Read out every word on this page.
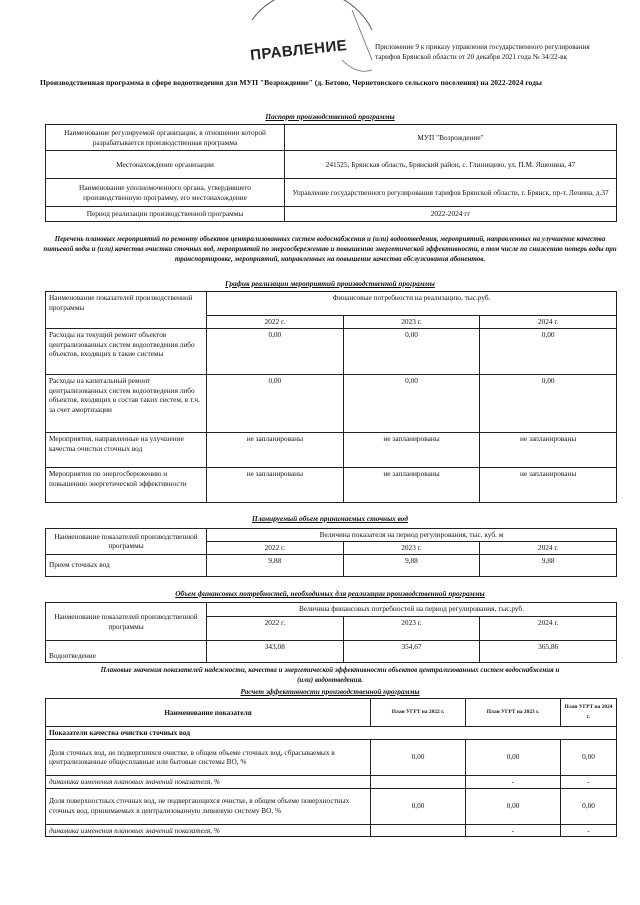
ПРАВЛЕНИЕ	Приложение 9 к приказу управления государственного регулирования тарифов Брянской области от 20 декабря 2021 года № 34/22-вк
Производственная программа в сфере водоотведения для МУП "Возрождение" (д. Бетово, Чернетовского сельского поселения) на 2022-2024 годы
Паспорт производственной программы
Наименование регулируемой организации, в отношении которой разрабатывается производственная программа	МУП "Возрождение"
Местонахождение организации	241525, Брянская область, Брянский район, с. Глинищево, ул. П.М. Яшенина, 47
Наименование уполномоченного органа, утвердившего производственную программу, его местонахождение	Управление государственного регулирования тарифов Брянской области, г. Брянск, пр-т. Ленина, д.37
Период реализации производственной программы	2022-2024 гг
Перечень плановых мероприятий по ремонту объектов централизованных систем водоснабжения и (или) водоотведения, мероприятий, направленных на улучшение качества питьевой воды и (или) качества очистки сточных вод, мероприятий по энергосбережению и повышению энергетической эффективности, в том числе по снижению потерь воды при транспортировке, мероприятий, направленных на повышение качества обслуживания абонентов.
График реализации мероприятий производственной программы
Наименование показателей производственной программы	Финансовые потребности на реализацию, тыс.руб.		
	2022 г.	2023 г.	2024 г.
Расходы на текущий ремонт объектов централизованных систем водоотведения либо объектов, входящих в такие системы	0,00	0,00	0,00
Расходы на капитальный ремонт централизованных систем водоотведения либо объектов, входящих в состав таких систем, в т.ч. за счет амортизации	0,00	0,00	0,00
Мероприятия, направленные на улучшение качества очистки сточных вод	не запланированы	не запланированы	не запланированы
Мероприятия по энергосбережению и повышению энергетической эффективности	не запланированы	не запланированы	не запланированы
Планируемый объем принимаемых сточных вод
Наименование показателей производственной программы	Величина показателя на период регулирования, тыс. куб. м		
	2022 г.	2023 г.	2024 г.
Прием сточных вод	9,88	9,88	9,88
Объем финансовых потребностей, необходимых для реализации производственной программы
Наименование показателей производственной программы	Величина финансовых потребностей на период регулирования, тыс.руб.		
	2022 г.	2023 г.	2024 г.
Водоотведение	343,08	354,67	365,86
Плановые значения показателей надежности, качества и энергетической эффективности объектов централизованных систем водоснабжения и (или) водоотведения.
Расчет эффективности производственной программы
Наименование показателя	План УГРТ на 2022 г.	План УГРТ на 2023 г.	План УГРТ на 2024 г.
Показатели качества очистки сточных вод			
Доля сточных вод, не подвергшихся очистке, в общем объеме сточных вод, сбрасываемых в централизованные общесплавные или бытовые системы ВО, %	0,00	0,00	0,00
динамика изменения плановых значений показателя, %		-	-
Доля поверхностных сточных вод, не подвергающихся очистке, в общем объеме поверхностных сточных вод, принимаемых в централизованную ливневую систему ВО, %	0,00	0,00	0,00
динамика изменения плановых значений показателя, %		-	-
